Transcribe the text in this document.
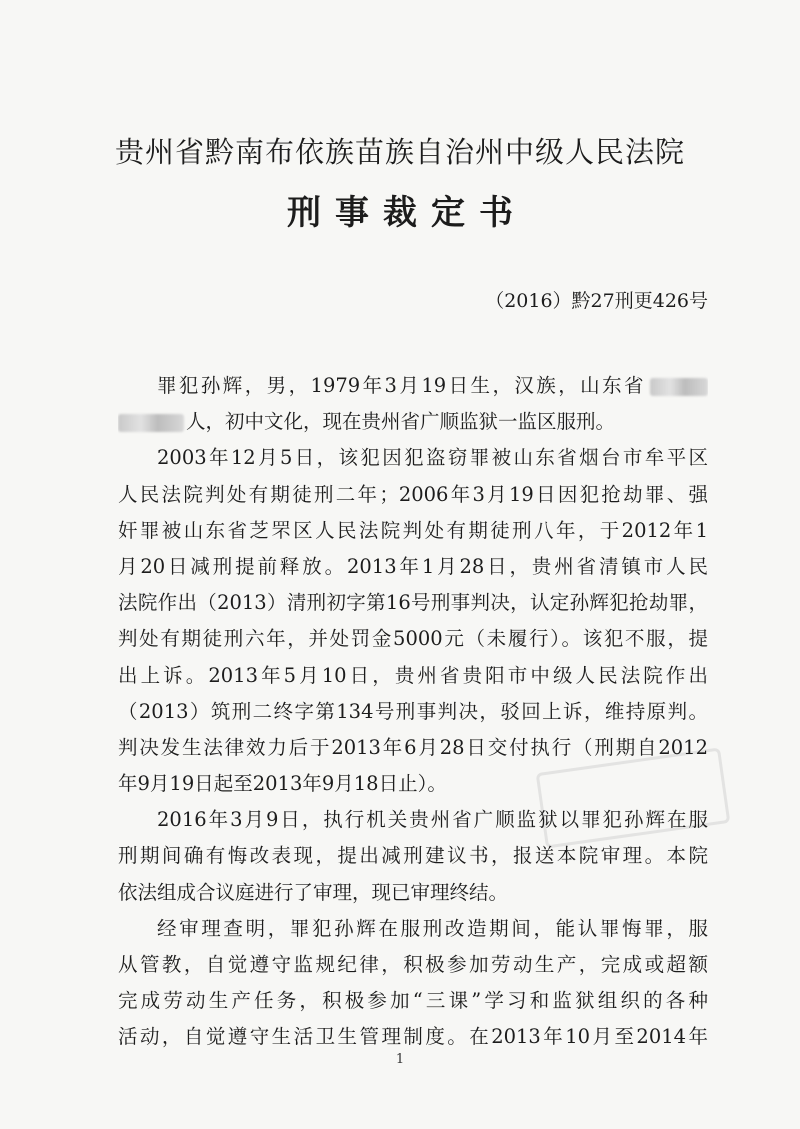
贵州省黔南布依族苗族自治州中级人民法院
刑事裁定书
（2016）黔27刑更426号
罪犯孙辉，男，1979年3月19日生，汉族，山东省
人，初中文化，现在贵州省广顺监狱一监区服刑。
2003年12月5日，该犯因犯盗窃罪被山东省烟台市牟平区
人民法院判处有期徒刑二年；2006年3月19日因犯抢劫罪、强
奸罪被山东省芝罘区人民法院判处有期徒刑八年，于2012年1
月20日减刑提前释放。2013年1月28日，贵州省清镇市人民
法院作出（2013）清刑初字第16号刑事判决，认定孙辉犯抢劫罪，
判处有期徒刑六年，并处罚金5000元（未履行）。该犯不服，提
出上诉。2013年5月10日，贵州省贵阳市中级人民法院作出
（2013）筑刑二终字第134号刑事判决，驳回上诉，维持原判。
判决发生法律效力后于2013年6月28日交付执行（刑期自2012
年9月19日起至2013年9月18日止）。
2016年3月9日，执行机关贵州省广顺监狱以罪犯孙辉在服
刑期间确有悔改表现，提出减刑建议书，报送本院审理。本院
依法组成合议庭进行了审理，现已审理终结。
经审理查明，罪犯孙辉在服刑改造期间，能认罪悔罪，服
从管教，自觉遵守监规纪律，积极参加劳动生产，完成或超额
完成劳动生产任务，积极参加“三课”学习和监狱组织的各种
活动，自觉遵守生活卫生管理制度。在2013年10月至2014年
1
